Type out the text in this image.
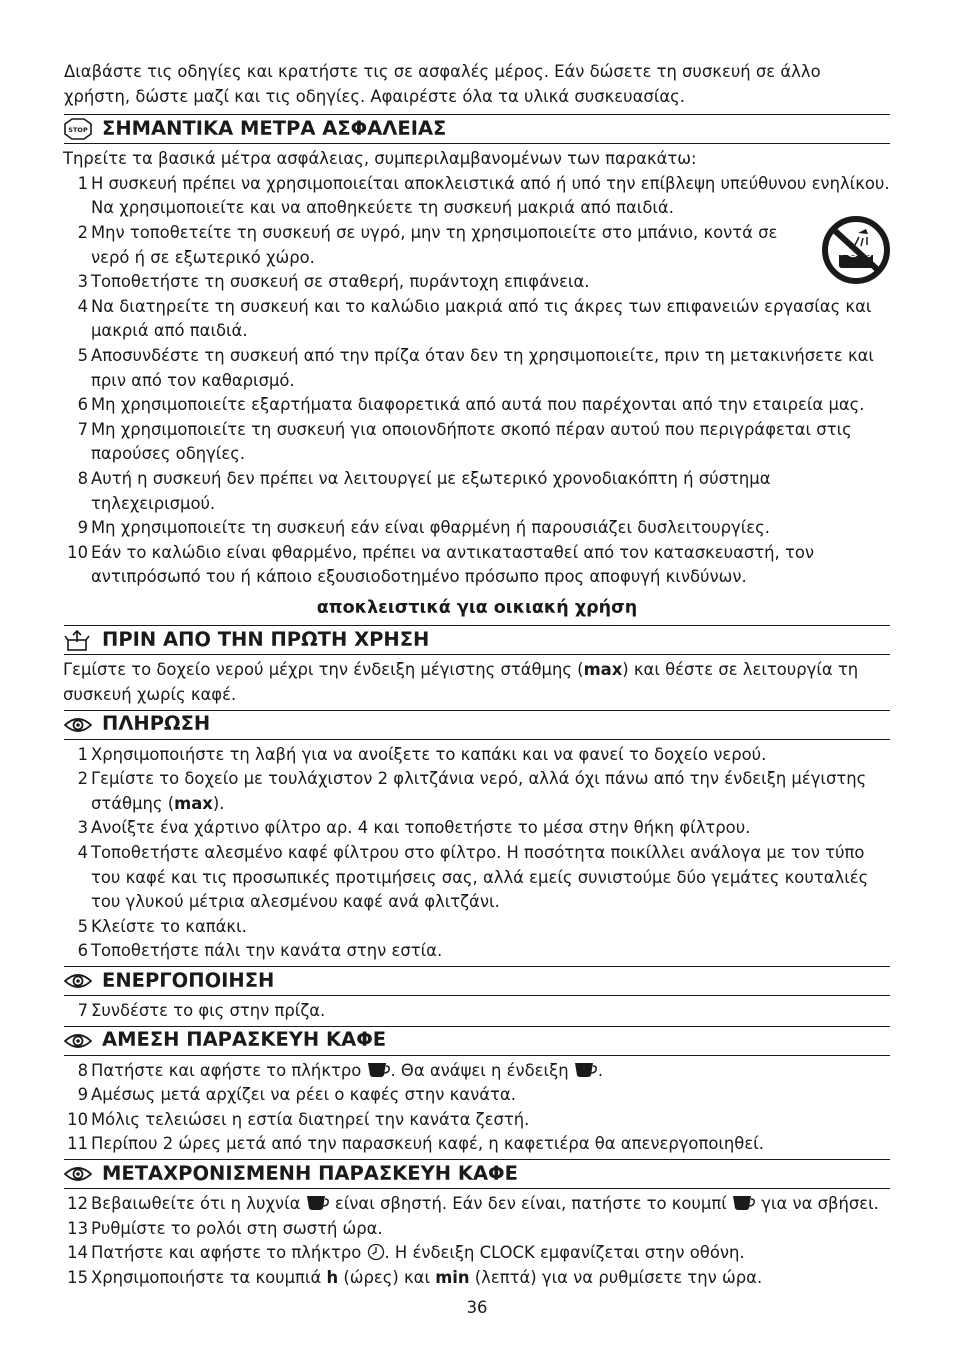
Διαβάστε τις οδηγίες και κρατήστε τις σε ασφαλές μέρος. Εάν δώσετε τη συσκευή σε άλλο χρήστη, δώστε μαζί και τις οδηγίες. Αφαιρέστε όλα τα υλικά συσκευασίας.

STOP ΣΗΜΑΝΤΙΚΑ ΜΕΤΡΑ ΑΣΦΑΛΕΙΑΣ

Τηρείτε τα βασικά μέτρα ασφάλειας, συμπεριλαμβανομένων των παρακάτω:

1 Η συσκευή πρέπει να χρησιμοποιείται αποκλειστικά από ή υπό την επίβλεψη υπεύθυνου ενηλίκου. Να χρησιμοποιείτε και να αποθηκεύετε τη συσκευή μακριά από παιδιά.
2 Μην τοποθετείτε τη συσκευή σε υγρό, μην τη χρησιμοποιείτε στο μπάνιο, κοντά σε νερό ή σε εξωτερικό χώρο.
3 Τοποθετήστε τη συσκευή σε σταθερή, πυράντοχη επιφάνεια.
4 Να διατηρείτε τη συσκευή και το καλώδιο μακριά από τις άκρες των επιφανειών εργασίας και μακριά από παιδιά.
5 Αποσυνδέστε τη συσκευή από την πρίζα όταν δεν τη χρησιμοποιείτε, πριν τη μετακινήσετε και πριν από τον καθαρισμό.
6 Μη χρησιμοποιείτε εξαρτήματα διαφορετικά από αυτά που παρέχονται από την εταιρεία μας.
7 Μη χρησιμοποιείτε τη συσκευή για οποιονδήποτε σκοπό πέραν αυτού που περιγράφεται στις παρούσες οδηγίες.
8 Αυτή η συσκευή δεν πρέπει να λειτουργεί με εξωτερικό χρονοδιακόπτη ή σύστημα τηλεχειρισμού.
9 Μη χρησιμοποιείτε τη συσκευή εάν είναι φθαρμένη ή παρουσιάζει δυσλειτουργίες.
10 Εάν το καλώδιο είναι φθαρμένο, πρέπει να αντικατασταθεί από τον κατασκευαστή, τον αντιπρόσωπό του ή κάποιο εξουσιοδοτημένο πρόσωπο προς αποφυγή κινδύνων.

αποκλειστικά για οικιακή χρήση

ΠΡΙΝ ΑΠΟ ΤΗΝ ΠΡΩΤΗ ΧΡΗΣΗ

Γεμίστε το δοχείο νερού μέχρι την ένδειξη μέγιστης στάθμης (max) και θέστε σε λειτουργία τη συσκευή χωρίς καφέ.

ΠΛΗΡΩΣΗ
1 Χρησιμοποιήστε τη λαβή για να ανοίξετε το καπάκι και να φανεί το δοχείο νερού.
2 Γεμίστε το δοχείο με τουλάχιστον 2 φλιτζάνια νερό, αλλά όχι πάνω από την ένδειξη μέγιστης στάθμης (max).
3 Ανοίξτε ένα χάρτινο φίλτρο αρ. 4 και τοποθετήστε το μέσα στην θήκη φίλτρου.
4 Τοποθετήστε αλεσμένο καφέ φίλτρου στο φίλτρο. Η ποσότητα ποικίλλει ανάλογα με τον τύπο του καφέ και τις προσωπικές προτιμήσεις σας, αλλά εμείς συνιστούμε δύο γεμάτες κουταλιές του γλυκού μέτρια αλεσμένου καφέ ανά φλιτζάνι.
5 Κλείστε το καπάκι.
6 Τοποθετήστε πάλι την κανάτα στην εστία.
ΕΝΕΡΓΟΠΟΙΗΣΗ
7 Συνδέστε το φις στην πρίζα.
ΑΜΕΣΗ ΠΑΡΑΣΚΕΥΗ ΚΑΦΕ
8 Πατήστε και αφήστε το πλήκτρο . Θα ανάψει η ένδειξη .
9 Αμέσως μετά αρχίζει να ρέει ο καφές στην κανάτα.
10 Μόλις τελειώσει η εστία διατηρεί την κανάτα ζεστή.
11 Περίπου 2 ώρες μετά από την παρασκευή καφέ, η καφετιέρα θα απενεργοποιηθεί.
ΜΕΤΑΧΡΟΝΙΣΜΕΝΗ ΠΑΡΑΣΚΕΥΗ ΚΑΦΕ
12 Βεβαιωθείτε ότι η λυχνία  είναι σβηστή. Εάν δεν είναι, πατήστε το κουμπί  για να σβήσει.
13 Ρυθμίστε το ρολόι στη σωστή ώρα.
14 Πατήστε και αφήστε το πλήκτρο . Η ένδειξη CLOCK εμφανίζεται στην οθόνη.
15 Χρησιμοποιήστε τα κουμπιά h (ώρες) και min (λεπτά) για να ρυθμίσετε την ώρα.
36
